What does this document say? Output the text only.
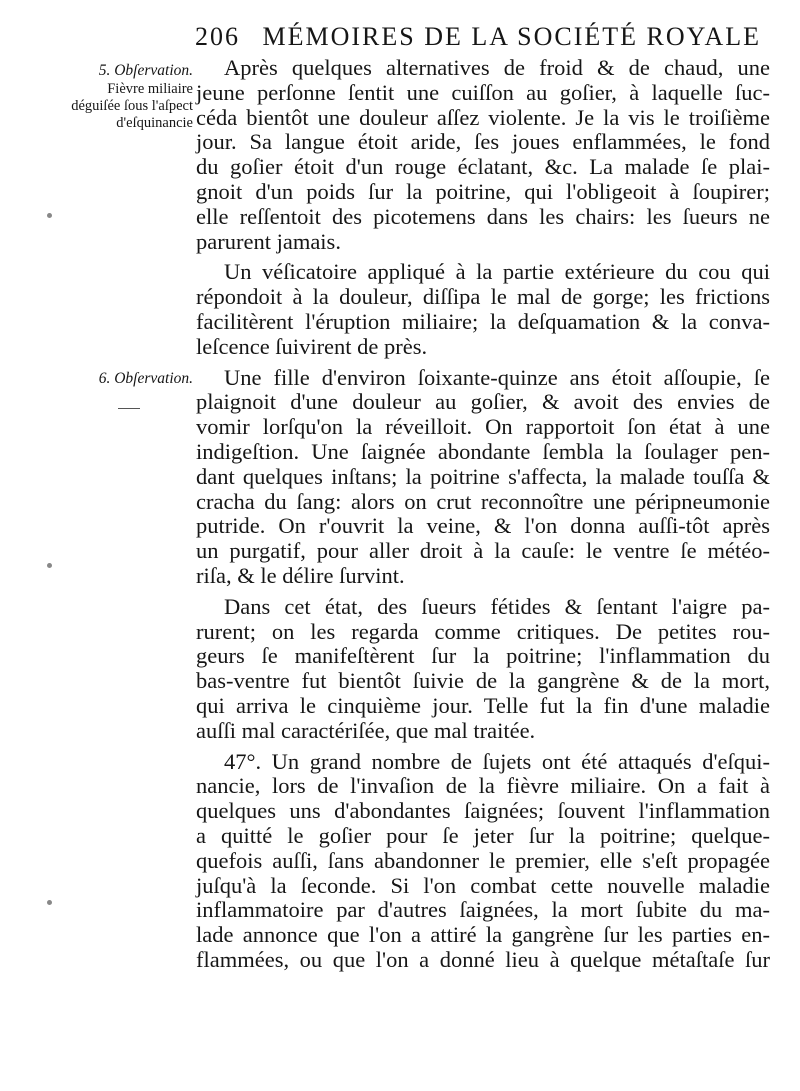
206 MÉMOIRES DE LA SOCIÉTÉ ROYALE
5. Obſervation.
Fièvre miliaire déguiſée ſous l'aſpect d'eſquinancie
6. Obſervation.
Après quelques alternatives de froid & de chaud, une
jeune perſonne ſentit une cuiſſon au goſier, à laquelle ſuc-
céda bientôt une douleur aſſez violente. Je la vis le troiſième
jour. Sa langue étoit aride, ſes joues enflammées, le fond
du goſier étoit d'un rouge éclatant, &c. La malade ſe plai-
gnoit d'un poids ſur la poitrine, qui l'obligeoit à ſoupirer;
elle reſſentoit des picotemens dans les chairs: les ſueurs ne
parurent jamais.
Un véſicatoire appliqué à la partie extérieure du cou qui
répondoit à la douleur, diſſipa le mal de gorge; les frictions
facilitèrent l'éruption miliaire; la deſquamation & la conva-
leſcence ſuivirent de près.
Une fille d'environ ſoixante-quinze ans étoit aſſoupie, ſe
plaignoit d'une douleur au goſier, & avoit des envies de
vomir lorſqu'on la réveilloit. On rapportoit ſon état à une
indigeſtion. Une ſaignée abondante ſembla la ſoulager pen-
dant quelques inſtans; la poitrine s'affecta, la malade touſſa &
cracha du ſang: alors on crut reconnoître une péripneumonie
putride. On r'ouvrit la veine, & l'on donna auſſi-tôt après
un purgatif, pour aller droit à la cauſe: le ventre ſe météo-
riſa, & le délire ſurvint.
Dans cet état, des ſueurs fétides & ſentant l'aigre pa-
rurent; on les regarda comme critiques. De petites rou-
geurs ſe manifeſtèrent ſur la poitrine; l'inflammation du
bas-ventre fut bientôt ſuivie de la gangrène & de la mort,
qui arriva le cinquième jour. Telle fut la fin d'une maladie
auſſi mal caractériſée, que mal traitée.
47°. Un grand nombre de ſujets ont été attaqués d'eſqui-
nancie, lors de l'invaſion de la fièvre miliaire. On a fait à
quelques uns d'abondantes ſaignées; ſouvent l'inflammation
a quitté le goſier pour ſe jeter ſur la poitrine; quelque-
quefois auſſi, ſans abandonner le premier, elle s'eſt propagée
juſqu'à la ſeconde. Si l'on combat cette nouvelle maladie
inflammatoire par d'autres ſaignées, la mort ſubite du ma-
lade annonce que l'on a attiré la gangrène ſur les parties en-
flammées, ou que l'on a donné lieu à quelque métaſtaſe ſur
